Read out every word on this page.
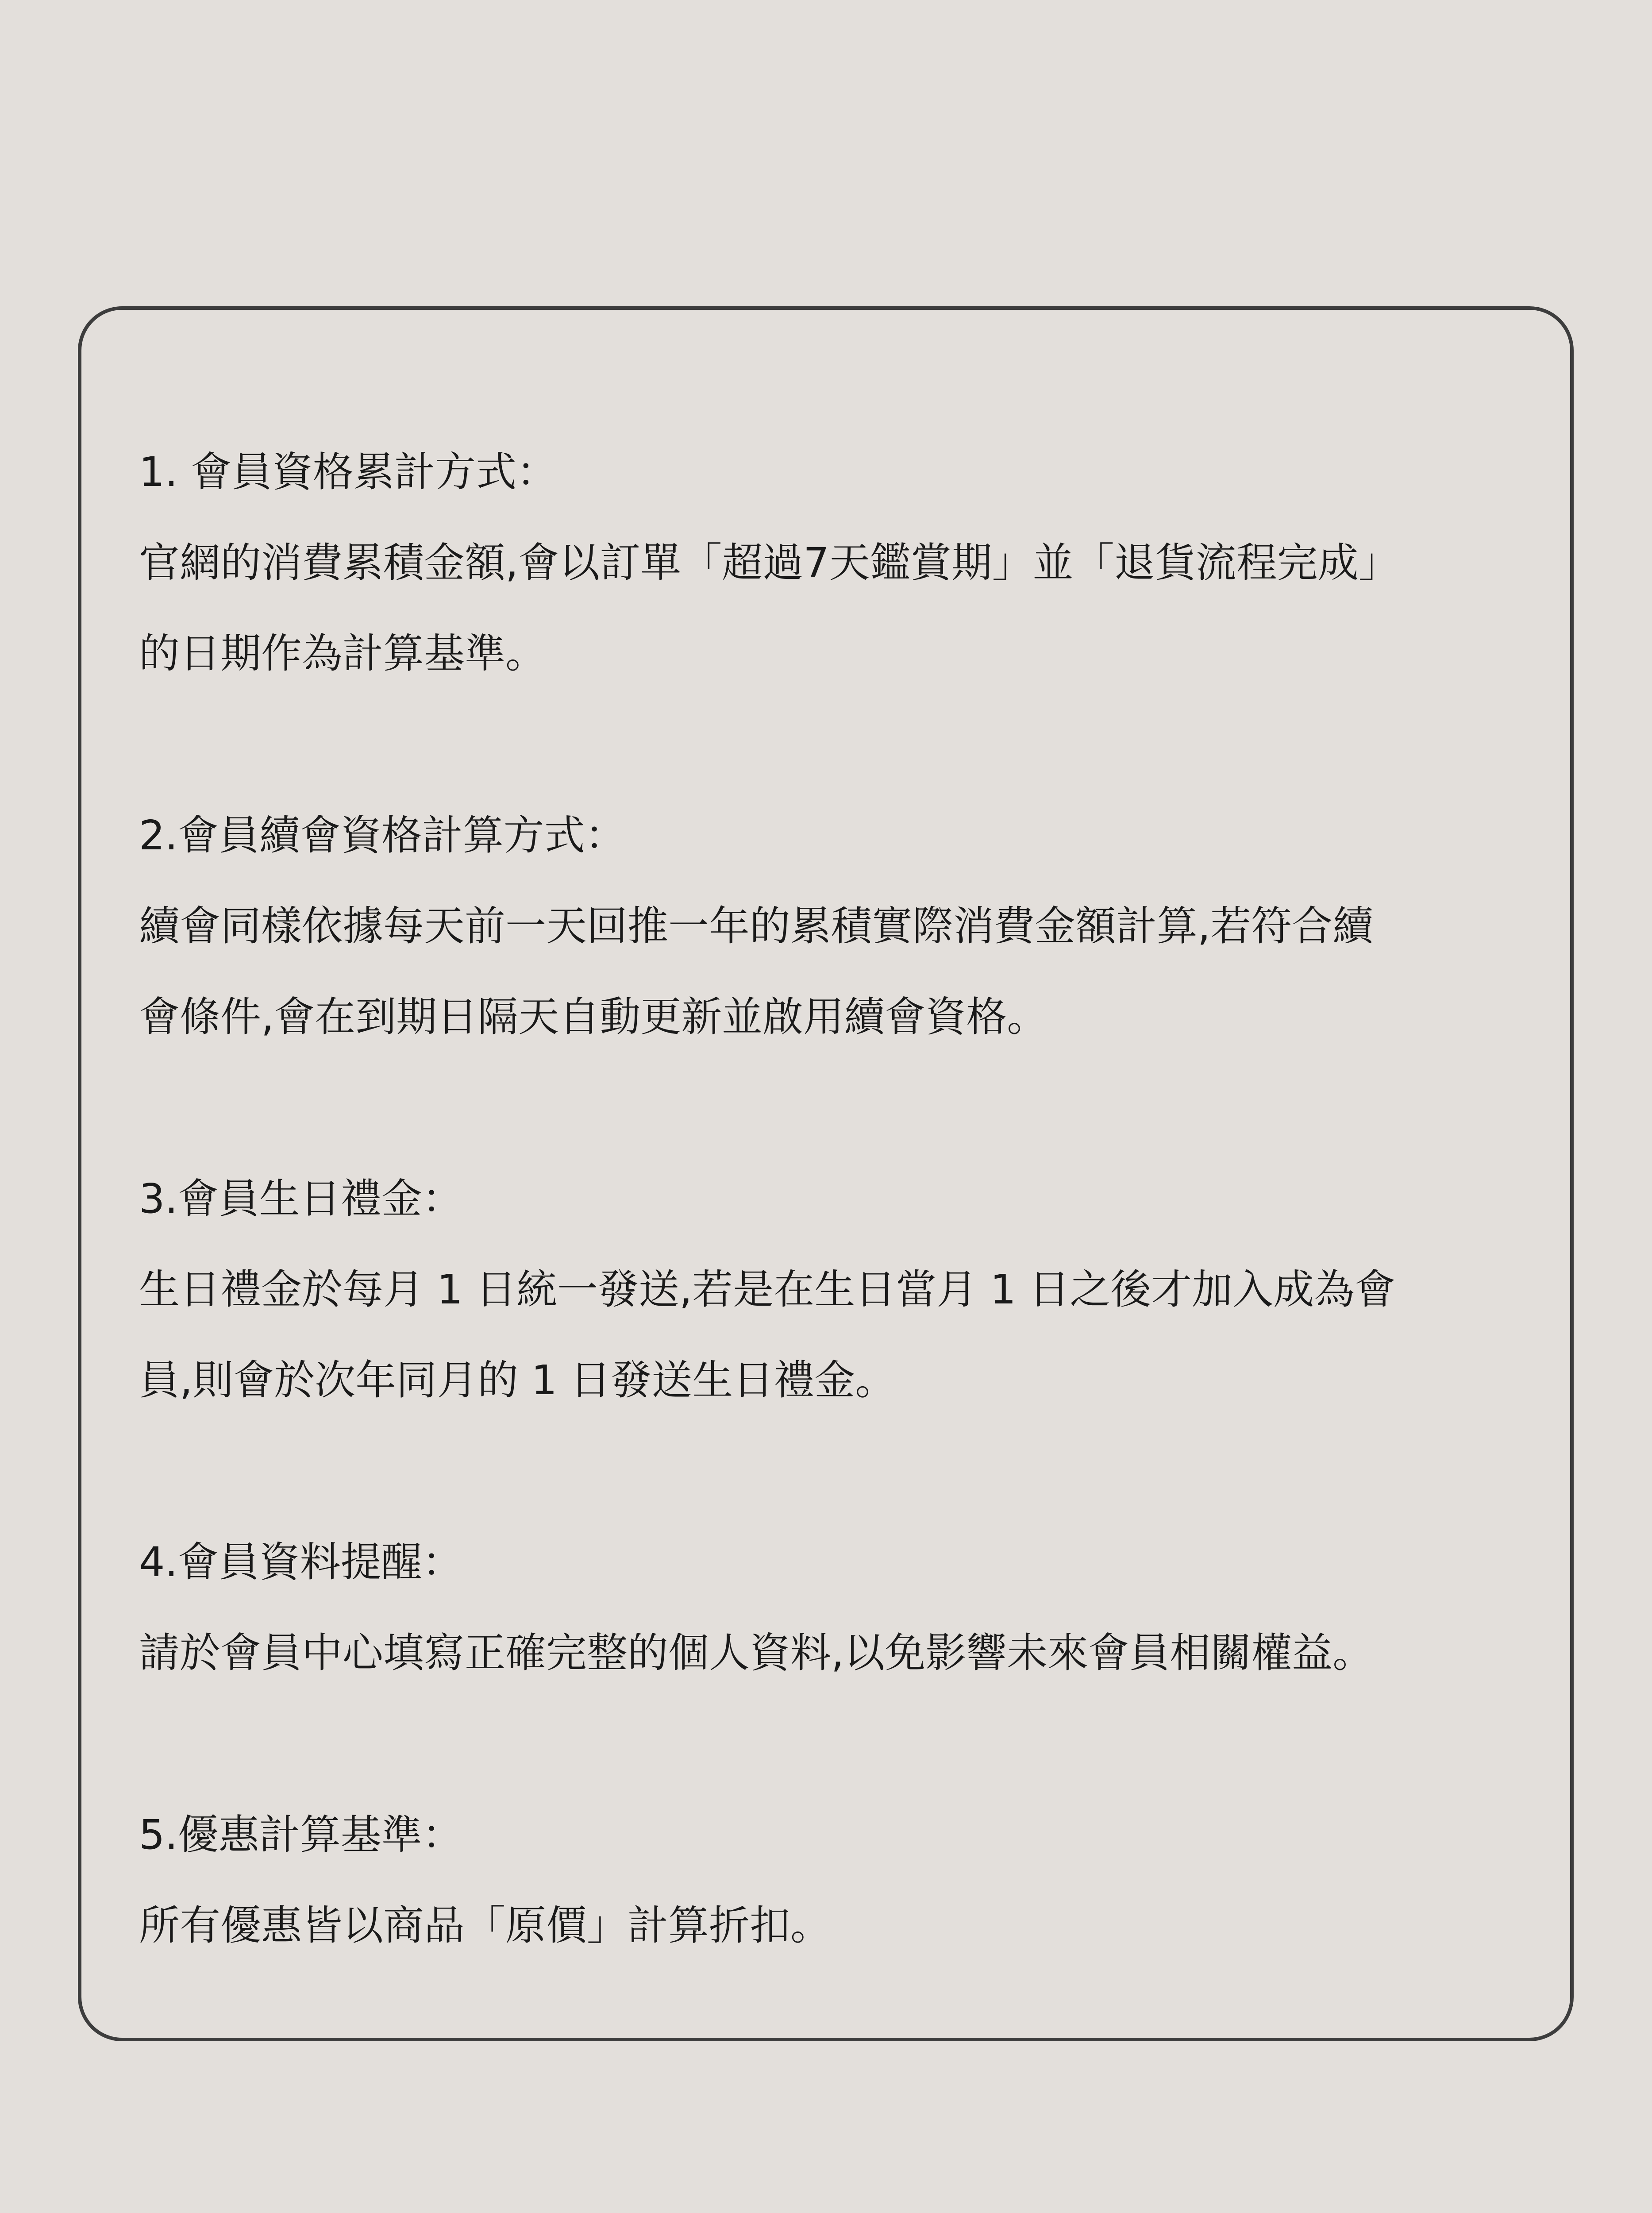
1. 會員資格累計方式：

官網的消費累積金額,會以訂單「超過7天鑑賞期」並「退貨流程完成」

的日期作為計算基準。

2.會員續會資格計算方式：

續會同樣依據每天前一天回推一年的累積實際消費金額計算,若符合續

會條件,會在到期日隔天自動更新並啟用續會資格。

3.會員生日禮金：

生日禮金於每月 1 日統一發送,若是在生日當月 1 日之後才加入成為會

員,則會於次年同月的 1 日發送生日禮金。

4.會員資料提醒：

請於會員中心填寫正確完整的個人資料,以免影響未來會員相關權益。

5.優惠計算基準：

所有優惠皆以商品「原價」計算折扣。
